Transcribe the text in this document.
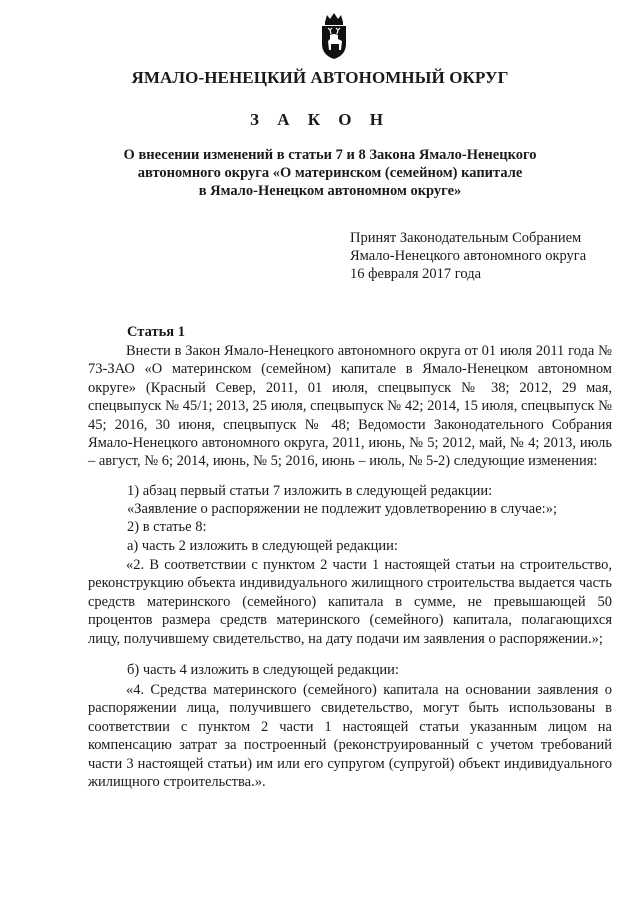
ЯМАЛО-НЕНЕЦКИЙ АВТОНОМНЫЙ ОКРУГ
З А К О Н
О внесении изменений в статьи 7 и 8 Закона Ямало-Ненецкого
автономного округа «О материнском (семейном) капитале
в Ямало-Ненецком автономном округе»
Принят Законодательным Собранием
Ямало-Ненецкого автономного округа
16 февраля 2017 года
Статья 1

Внести в Закон Ямало-Ненецкого автономного округа от 01 июля 2011 года № 73-ЗАО «О материнском (семейном) капитале в Ямало-Ненецком автономном округе» (Красный Север, 2011, 01 июля, спецвыпуск № 38; 2012, 29 мая, спецвыпуск № 45/1; 2013, 25 июля, спецвыпуск № 42; 2014, 15 июля, спецвыпуск № 45; 2016, 30 июня, спецвыпуск № 48; Ведомости Законодательного Собрания Ямало-Ненецкого автономного округа, 2011, июнь, № 5; 2012, май, № 4; 2013, июль – август, № 6; 2014, июнь, № 5; 2016, июнь – июль, № 5-2) следующие изменения:

1) абзац первый статьи 7 изложить в следующей редакции:
«Заявление о распоряжении не подлежит удовлетворению в случае:»;
2) в статье 8:
а) часть 2 изложить в следующей редакции:

«2. В соответствии с пунктом 2 части 1 настоящей статьи на строительство, реконструкцию объекта индивидуального жилищного строительства выдается часть средств материнского (семейного) капитала в сумме, не превышающей 50 процентов размера средств материнского (семейного) капитала, полагающихся лицу, получившему свидетельство, на дату подачи им заявления о распоряжении.»;

б) часть 4 изложить в следующей редакции:

«4. Средства материнского (семейного) капитала на основании заявления о распоряжении лица, получившего свидетельство, могут быть использованы в соответствии с пунктом 2 части 1 настоящей статьи указанным лицом на компенсацию затрат за построенный (реконструированный с учетом требований части 3 настоящей статьи) им или его супругом (супругой) объект индивидуального жилищного строительства.».
